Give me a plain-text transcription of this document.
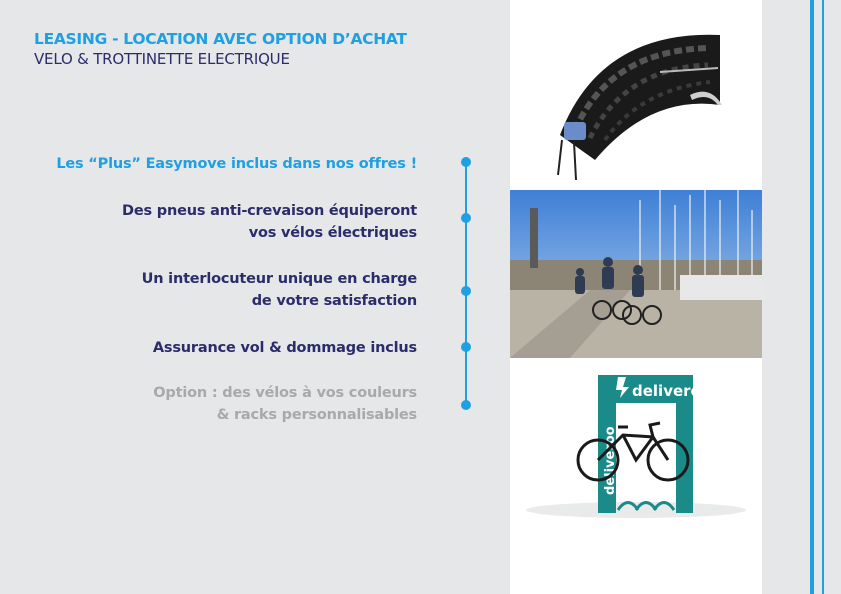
LEASING - LOCATION AVEC OPTION D’ACHAT
VELO & TROTTINETTE ELECTRIQUE
Les “Plus” Easymove inclus dans nos offres !
Des pneus anti-crevaison équiperont
vos vélos électriques
Un interlocuteur unique en charge
de votre satisfaction
Assurance vol & dommage inclus
Option : des vélos à vos couleurs
& racks personnalisables
deliveroo
deliveroo
